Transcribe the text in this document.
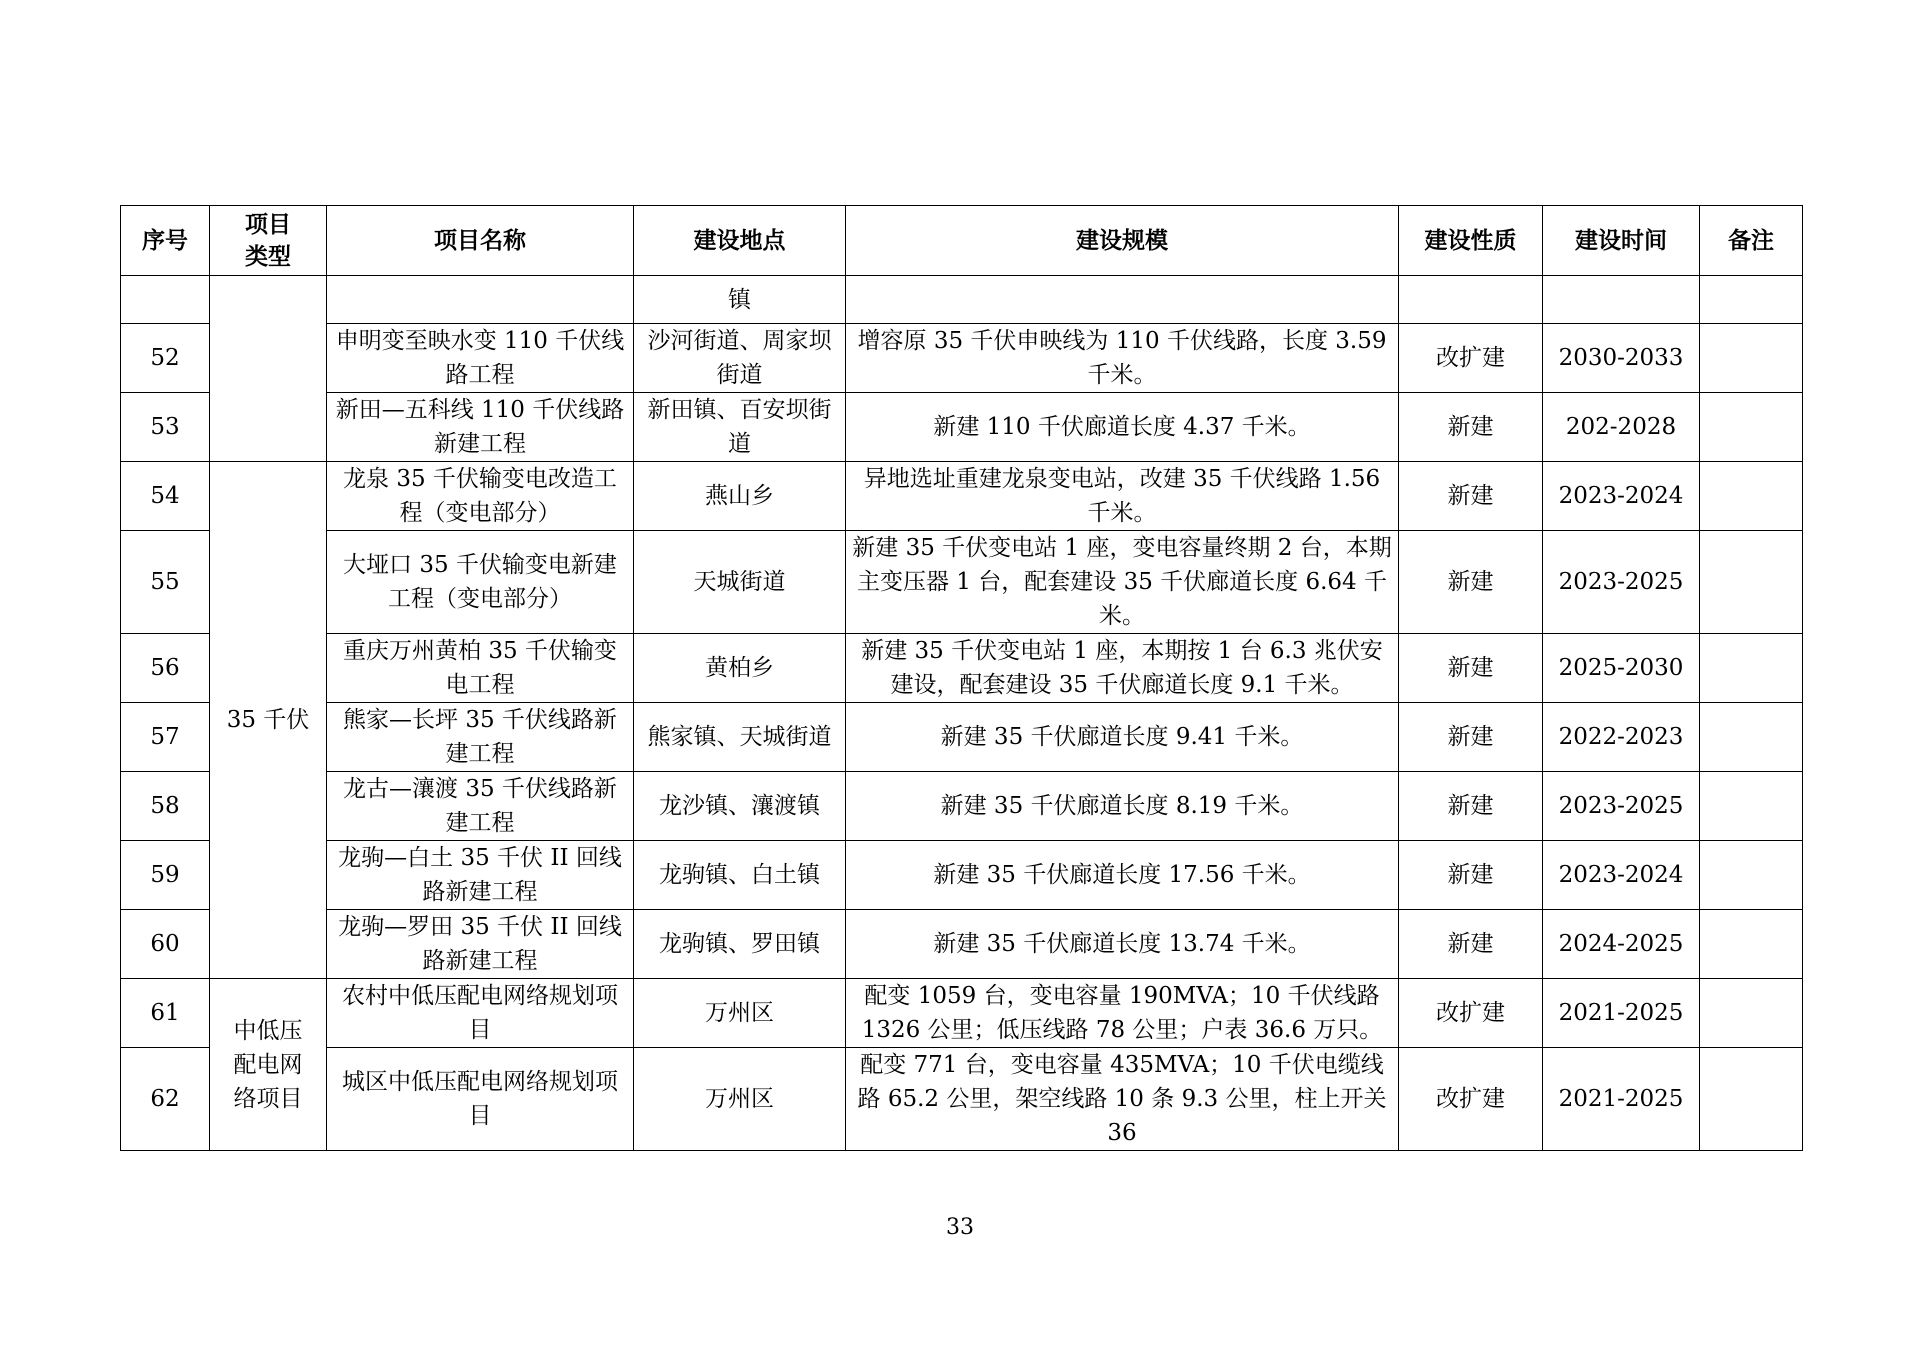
序号	项目类型	项目名称	建设地点	建设规模	建设性质	建设时间	备注
			镇				
52		申明变至映水变 110 千伏线路工程	沙河街道、周家坝街道	增容原 35 千伏申映线为 110 千伏线路，长度 3.59 千米。	改扩建	2030-2033	
53		新田—五科线 110 千伏线路新建工程	新田镇、百安坝街道	新建 110 千伏廊道长度 4.37 千米。	新建	202-2028	
54	35 千伏	龙泉 35 千伏输变电改造工程（变电部分）	燕山乡	异地选址重建龙泉变电站，改建 35 千伏线路 1.56 千米。	新建	2023-2024	
55		大垭口 35 千伏输变电新建工程（变电部分）	天城街道	新建 35 千伏变电站 1 座，变电容量终期 2 台，本期主变压器 1 台，配套建设 35 千伏廊道长度 6.64 千米。	新建	2023-2025	
56		重庆万州黄柏 35 千伏输变电工程	黄柏乡	新建 35 千伏变电站 1 座，本期按 1 台 6.3 兆伏安建设，配套建设 35 千伏廊道长度 9.1 千米。	新建	2025-2030	
57		熊家—长坪 35 千伏线路新建工程	熊家镇、天城街道	新建 35 千伏廊道长度 9.41 千米。	新建	2022-2023	
58		龙古—瀼渡 35 千伏线路新建工程	龙沙镇、瀼渡镇	新建 35 千伏廊道长度 8.19 千米。	新建	2023-2025	
59		龙驹—白土 35 千伏 II 回线路新建工程	龙驹镇、白土镇	新建 35 千伏廊道长度 17.56 千米。	新建	2023-2024	
60		龙驹—罗田 35 千伏 II 回线路新建工程	龙驹镇、罗田镇	新建 35 千伏廊道长度 13.74 千米。	新建	2024-2025	
61	中低压配电网络项目	农村中低压配电网络规划项目	万州区	配变 1059 台，变电容量 190MVA；10 千伏线路 1326 公里；低压线路 78 公里；户表 36.6 万只。	改扩建	2021-2025	
62		城区中低压配电网络规划项目	万州区	配变 771 台，变电容量 435MVA；10 千伏电缆线路 65.2 公里，架空线路 10 条 9.3 公里，柱上开关 36	改扩建	2021-2025	
33
